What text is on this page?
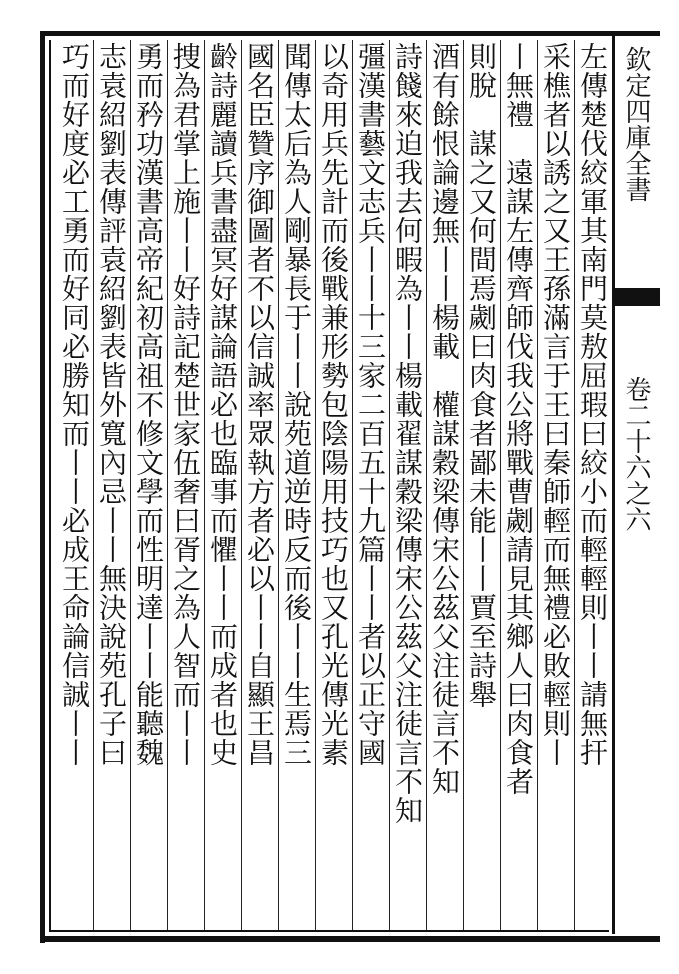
欽定四庫全書
卷二十六之六
左傳楚伐絞軍其南門莫敖屈瑕曰絞小而輕輕則丨丨請無扞
采樵者以誘之又王孫滿言于王曰秦師輕而無禮必敗輕則丨
丨無禮　遠謀左傳齊師伐我公將戰曹劌請見其鄉人曰肉食者
則脫　謀之又何間焉劌曰肉食者鄙未能丨丨賈至詩舉
酒有餘恨論邊無丨丨楊載　權謀穀梁傳宋公茲父注徒言不知
詩餞來迫我去何暇為丨丨楊載翟謀穀梁傳宋公茲父注徒言不知
彊漢書藝文志兵丨丨十三家二百五十九篇丨丨者以正守國
以奇用兵先計而後戰兼形勢包陰陽用技巧也又孔光傳光素
聞傳太后為人剛暴長于丨丨說苑道逆時反而後丨丨生焉三
國名臣贊序御圖者不以信誠率眾執方者必以丨丨自顯王昌
齡詩麗讀兵書盡冥好謀論語必也臨事而懼丨丨而成者也史
捜為君掌上施丨丨好詩記楚世家伍奢曰胥之為人智而丨丨
勇而矜功漢書高帝紀初高祖不修文學而性明達丨丨能聽魏
志袁紹劉表傳評袁紹劉表皆外寬內忌丨丨無決說苑孔子曰
巧而好度必工勇而好同必勝知而丨丨必成王命論信誠丨丨
